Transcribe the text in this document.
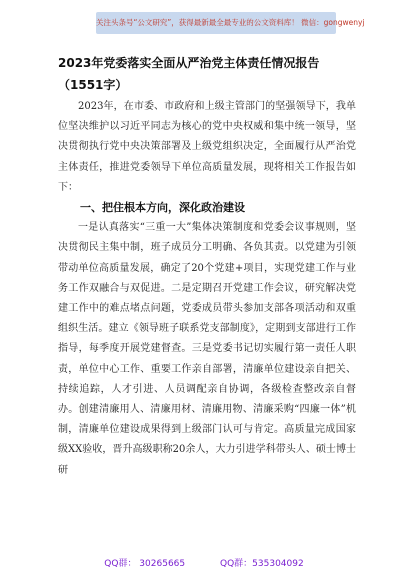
关注头条号“公文研究”，获得最新最全最专业的公文资料库！ 微信：gongwenyj
2023年党委落实全面从严治党主体责任情况报告（1551字）

2023年，在市委、市政府和上级主管部门的坚强领导下，我单位坚决维护以习近平同志为核心的党中央权威和集中统一领导，坚决贯彻执行党中央决策部署及上级党组织决定，全面履行从严治党主体责任，推进党委领导下单位高质量发展，现将相关工作报告如下：

一、把住根本方向，深化政治建设

一是认真落实“三重一大”集体决策制度和党委会议事规则，坚决贯彻民主集中制，班子成员分工明确、各负其责。以党建为引领带动单位高质量发展，确定了20个党建+项目，实现党建工作与业务工作双融合与双促进。二是定期召开党建工作会议，研究解决党建工作中的难点堵点问题，党委成员带头参加支部各项活动和双重组织生活。建立《领导班子联系党支部制度》，定期到支部进行工作指导，每季度开展党建督查。三是党委书记切实履行第一责任人职责，单位中心工作、重要工作亲自部署，清廉单位建设亲自把关、持续追踪，人才引进、人员调配亲自协调，各级检查整改亲自督办。创建清廉用人、清廉用材、清廉用物、清廉采购“四廉一体”机制，清廉单位建设成果得到上级部门认可与肯定。高质量完成国家级XX验收，晋升高级职称20余人，大力引进学科带头人、硕士博士研

QQ群： 30265665	QQ群：535304092
